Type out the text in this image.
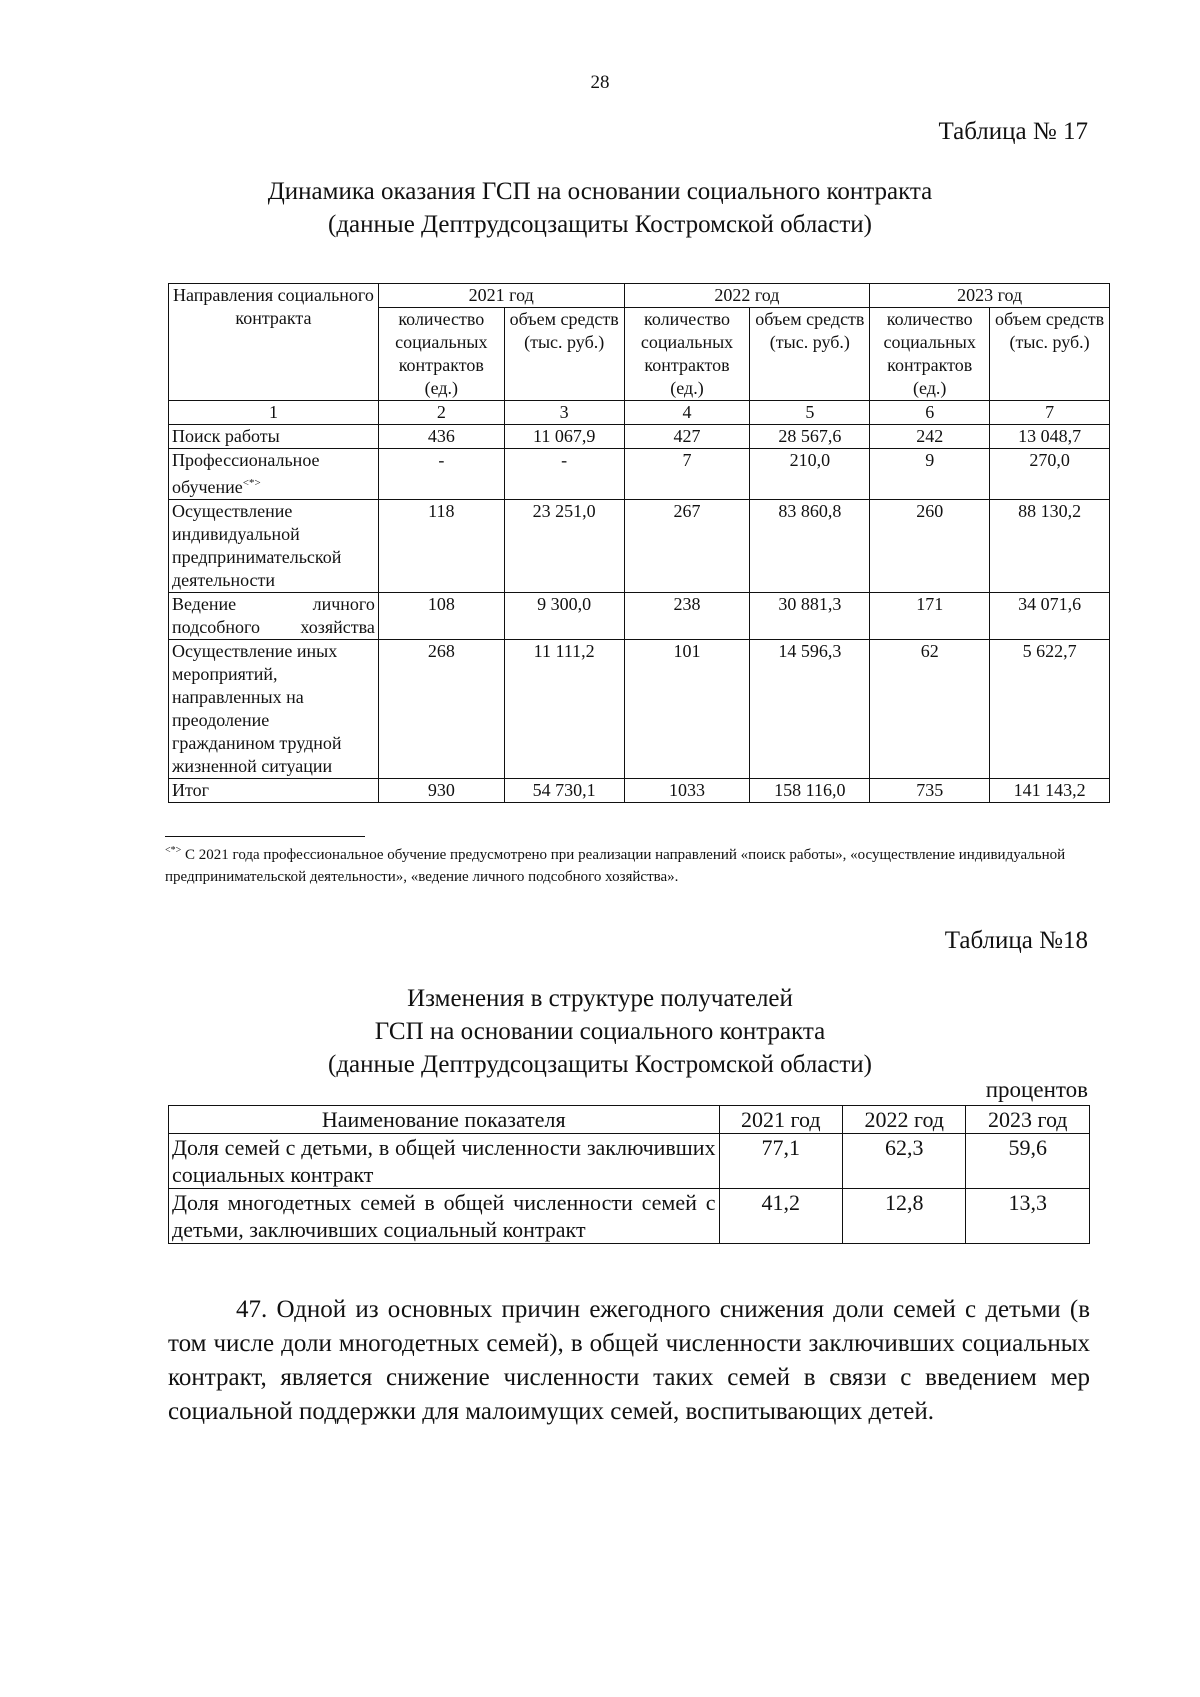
28
Таблица № 17
Динамика оказания ГСП на основании социального контракта
(данные Дептрудсоцзащиты Костромской области)
Направления социального контракта	2021 год		2022 год		2023 год	
	количество социальных контрактов (ед.)	объем средств (тыс. руб.)	количество социальных контрактов (ед.)	объем средств (тыс. руб.)	количество социальных контрактов (ед.)	объем средств (тыс. руб.)
1	2	3	4	5	6	7
Поиск работы	436	11 067,9	427	28 567,6	242	13 048,7
Профессиональное обучение<*>	-	-	7	210,0	9	270,0
Осуществление индивидуальной предпринимательской деятельности	118	23 251,0	267	83 860,8	260	88 130,2
Ведение личного подсобного хозяйства	108	9 300,0	238	30 881,3	171	34 071,6
Осуществление иных мероприятий, направленных на преодоление гражданином трудной жизненной ситуации	268	11 111,2	101	14 596,3	62	5 622,7
Итог	930	54 730,1	1033	158 116,0	735	141 143,2
<*> С 2021 года профессиональное обучение предусмотрено при реализации направлений «поиск работы», «осуществление индивидуальной предпринимательской деятельности», «ведение личного подсобного хозяйства».
Таблица №18
Изменения в структуре получателей
ГСП на основании социального контракта
(данные Дептрудсоцзащиты Костромской области)
процентов
Наименование показателя	2021 год	2022 год	2023 год
Доля семей с детьми, в общей численности заключивших социальных контракт	77,1	62,3	59,6
Доля многодетных семей в общей численности семей с детьми, заключивших социальный контракт	41,2	12,8	13,3
47. Одной из основных причин ежегодного снижения доли семей с детьми (в том числе доли многодетных семей), в общей численности заключивших социальных контракт, является снижение численности таких семей в связи с введением мер социальной поддержки для малоимущих семей, воспитывающих детей.
